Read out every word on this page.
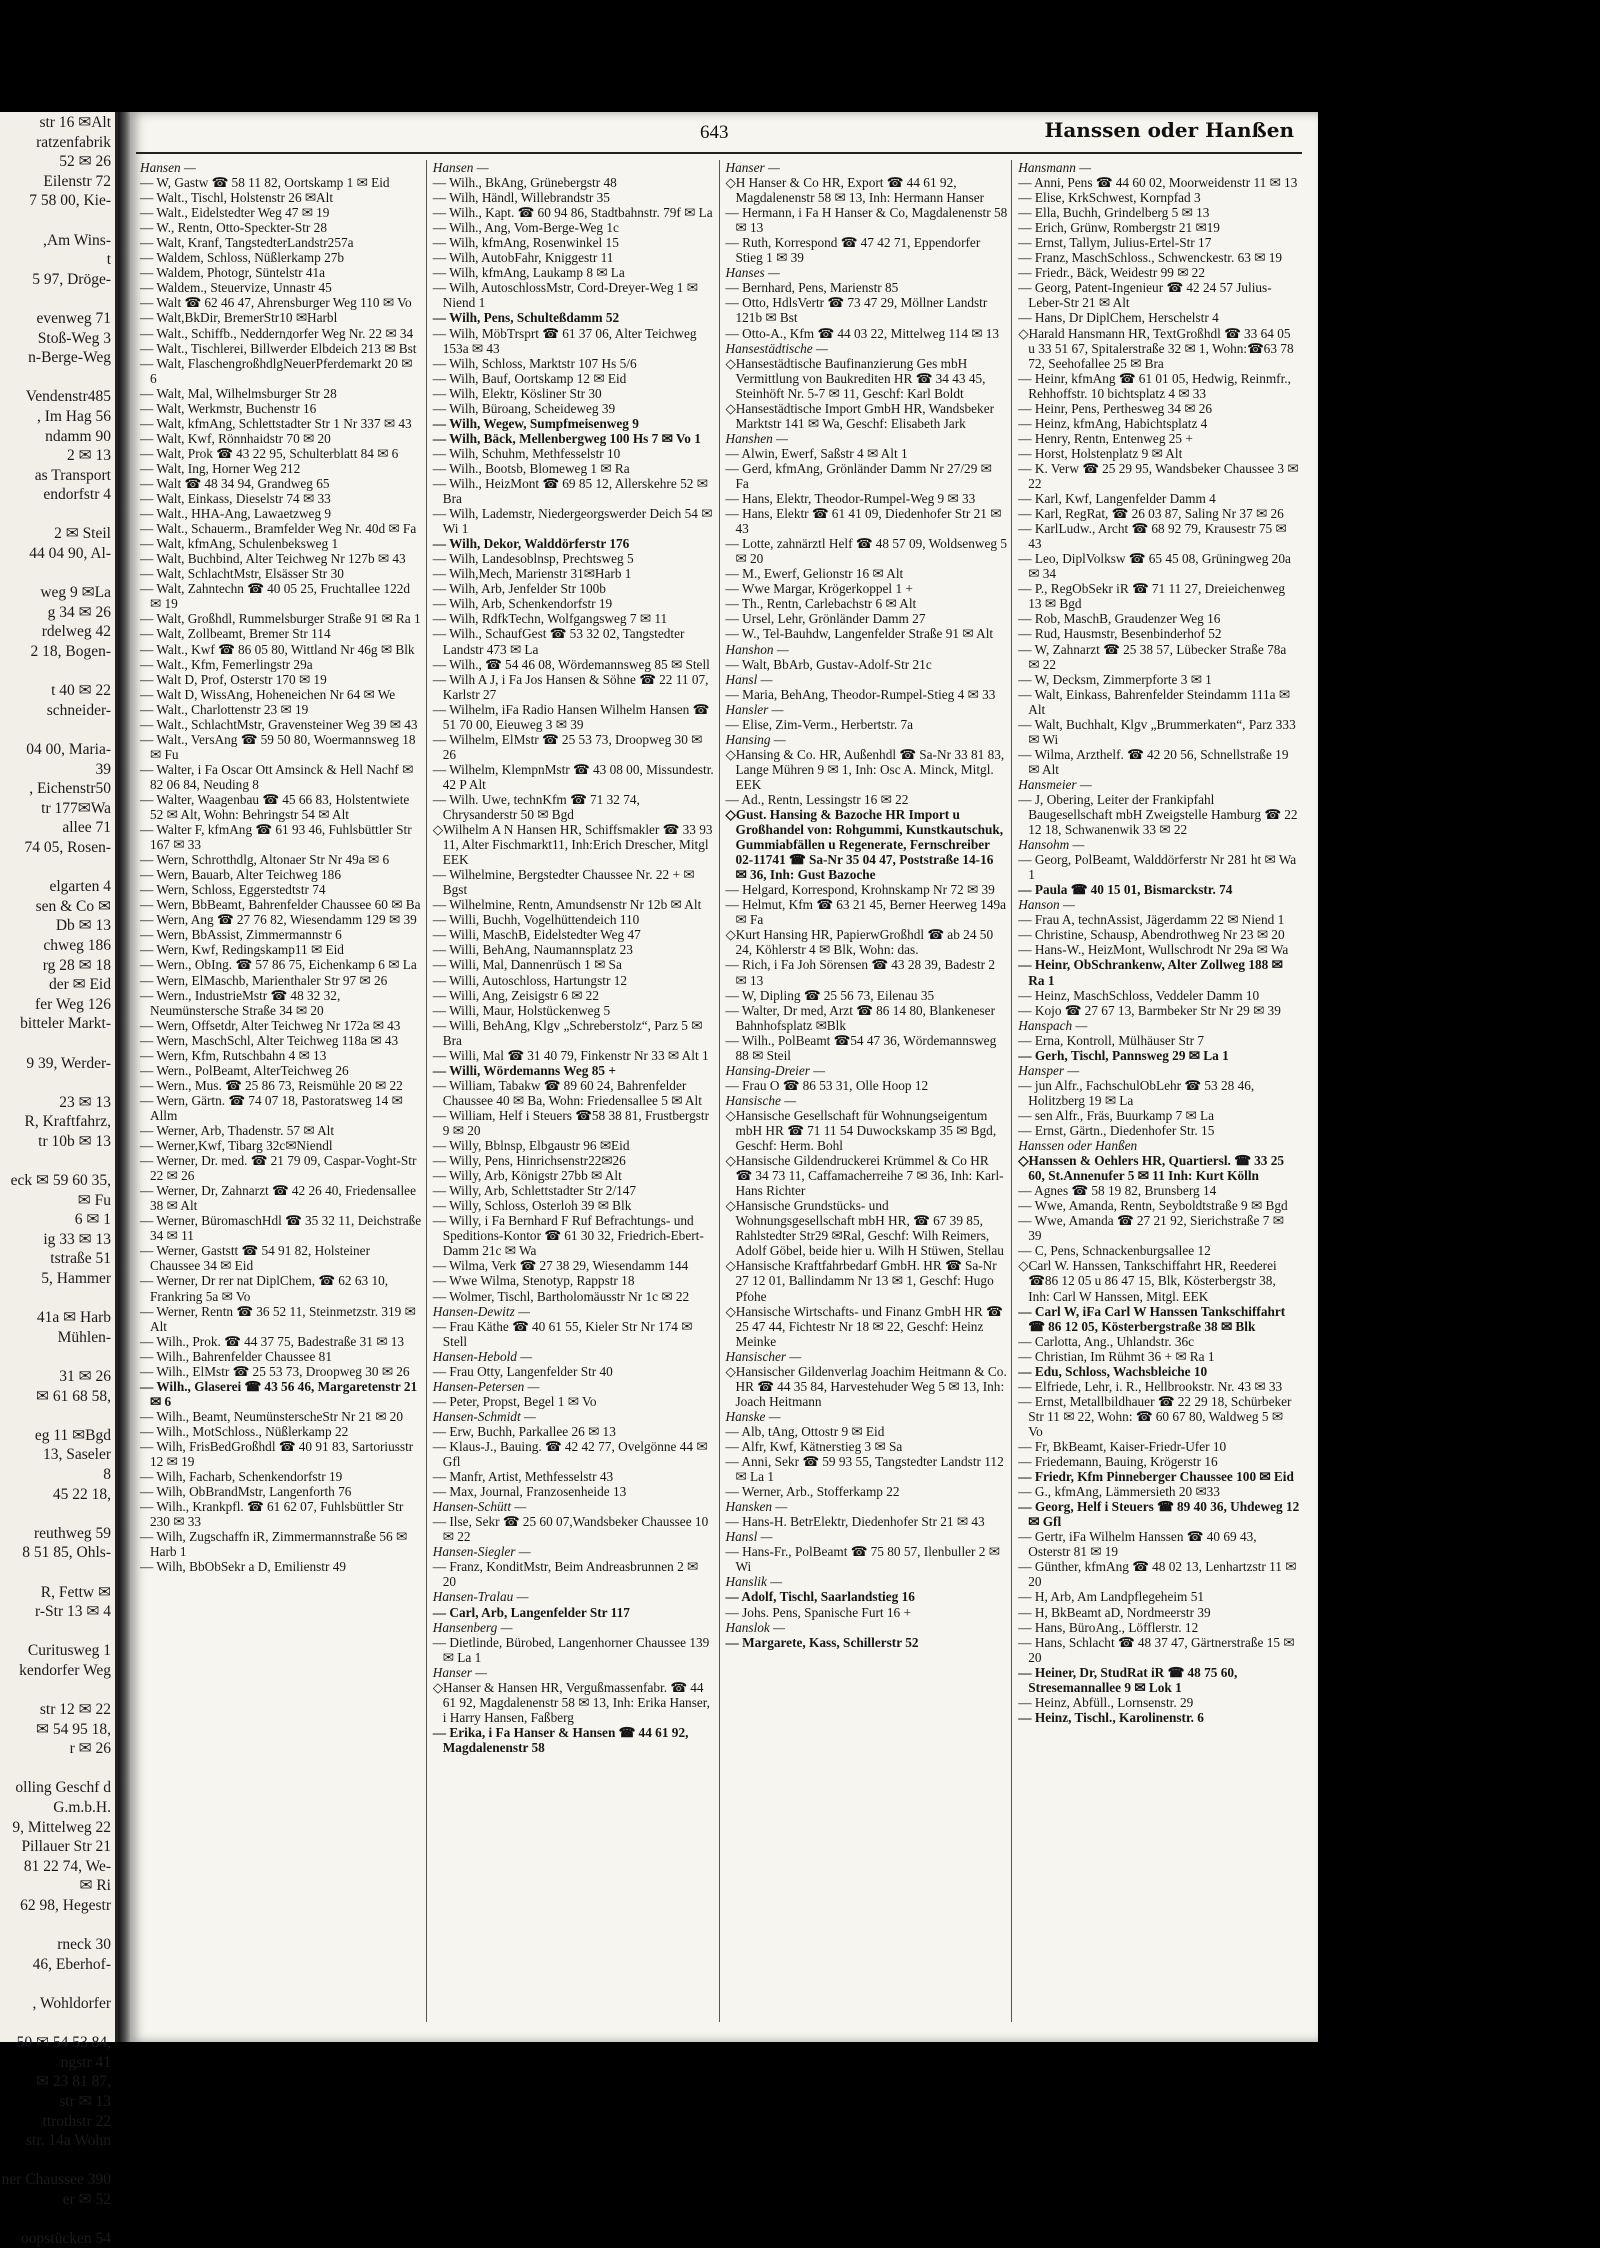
str 16 ✉Alt
ratzenfabrik
52 ✉ 26
Eilenstr 72
7 58 00, Kie-

,Am Wins-
t
5 97, Dröge-

evenweg 71
Stoß-Weg 3
n-Berge-Weg

Vendenstr485
, Im Hag 56
ndamm 90
2 ✉ 13
as Transport
endorfstr 4

2 ✉ Steil
44 04 90, Al-

weg 9 ✉La
g 34 ✉ 26
rdelweg 42
2 18, Bogen-

t 40 ✉ 22
schneider-

04 00, Maria-
39
, Eichenstr50
tr 177✉Wa
allee 71
74 05, Rosen-

elgarten 4
sen & Co ✉
Db ✉ 13
chweg 186
rg 28 ✉ 18
der ✉ Eid
fer Weg 126
bitteler Markt-

9 39, Werder-

23 ✉ 13
R, Kraftfahrz,
tr 10b ✉ 13

eck ✉ 59 60 35,
✉ Fu
6 ✉ 1
ig 33 ✉ 13
tstraße 51
5, Hammer

41a ✉ Harb
Mühlen-

31 ✉ 26
✉ 61 68 58,

eg 11 ✉Bgd
13, Saseler
8
45 22 18,

reuthweg 59
8 51 85, Ohls-

R, Fettw ✉
r-Str 13 ✉ 4

Curitusweg 1
kendorfer Weg

str 12 ✉ 22
✉ 54 95 18,
r ✉ 26

olling Geschf d
G.m.b.H.
9, Mittelweg 22
Pillauer Str 21
81 22 74, We-
✉ Ri
62 98, Hegestr

rneck 30
46, Eberhof-

, Wohldorfer

50 ✉ 54 53 84,
ngstr 41
✉ 23 81 87,
str ✉ 13
ttrothstr 22
str. 14a Wohn

ner Chaussee 390
er ✉ 52

oopstücken 54
643	Hanssen oder Hanßen

Hansen —

— W, Gastw ☎ 58 11 82, Oortskamp 1 ✉ Eid

— Walt., Tischl, Holstenstr 26 ✉Alt

— Walt., Eidelstedter Weg 47 ✉ 19

— W., Rentn, Otto-Speckter-Str 28

— Walt, Kranf, TangstedterLandstr257a

— Waldem, Schloss, Nüßlerkamp 27b

— Waldem, Photogr, Süntelstr 41a

— Waldem., Steuervize, Unnastr 45

— Walt ☎ 62 46 47, Ahrensburger Weg 110 ✉ Vo

— Walt,BkDir, BremerStr10 ✉Harbl

— Walt., Schiffb., Neddernдorfer Weg Nr. 22 ✉ 34

— Walt., Tischlerei, Billwerder Elbdeich 213 ✉ Bst

— Walt, FlaschengroßhdlgNeuerPferdemarkt 20 ✉ 6

— Walt, Mal, Wilhelmsburger Str 28

— Walt, Werkmstr, Buchenstr 16

— Walt, kfmAng, Schlettstadter Str 1 Nr 337 ✉ 43

— Walt, Kwf, Rönnhaidstr 70 ✉ 20

— Walt, Prok ☎ 43 22 95, Schulterblatt 84 ✉ 6

— Walt, Ing, Horner Weg 212

— Walt ☎ 48 34 94, Grandweg 65

— Walt, Einkass, Dieselstr 74 ✉ 33

— Walt., HHA-Ang, Lawaetzweg 9

— Walt., Schauerm., Bramfelder Weg Nr. 40d ✉ Fa

— Walt, kfmAng, Schulenbeksweg 1

— Walt, Buchbind, Alter Teichweg Nr 127b ✉ 43

— Walt, SchlachtMstr, Elsässer Str 30

— Walt, Zahntechn ☎ 40 05 25, Fruchtallee 122d ✉ 19

— Walt, Großhdl, Rummelsburger Straße 91 ✉ Ra 1

— Walt, Zollbeamt, Bremer Str 114

— Walt., Kwf ☎ 86 05 80, Wittland Nr 46g ✉ Blk

— Walt., Kfm, Femerlingstr 29a

— Walt D, Prof, Osterstr 170 ✉ 19

— Walt D, WissAng, Hoheneichen Nr 64 ✉ We

— Walt., Charlottenstr 23 ✉ 19

— Walt., SchlachtMstr, Gravensteiner Weg 39 ✉ 43

— Walt., VersAng ☎ 59 50 80, Woermannsweg 18 ✉ Fu

— Walter, i Fa Oscar Ott Amsinck & Hell Nachf ✉82 06 84, Neuding 8

— Walter, Waagenbau ☎ 45 66 83, Holstentwiete 52 ✉ Alt, Wohn: Behringstr 54 ✉ Alt

— Walter F, kfmAng ☎ 61 93 46, Fuhlsbüttler Str 167 ✉ 33

— Wern, Schrotthdlg, Altonaer Str Nr 49a ✉ 6

— Wern, Bauarb, Alter Teichweg 186

— Wern, Schloss, Eggerstedtstr 74

— Wern, BbBeamt, Bahrenfelder Chaussee 60 ✉ Ba

— Wern, Ang ☎ 27 76 82, Wiesendamm 129 ✉ 39

— Wern, BbAssist, Zimmermannstr 6

— Wern, Kwf, Redingskamp11 ✉ Eid

— Wern., ObIng. ☎ 57 86 75, Eichenkamp 6 ✉ La

— Wern, ElMaschb, Marienthaler Str 97 ✉ 26

— Wern., IndustrieMstr ☎ 48 32 32, Neumünstersche Straße 34 ✉ 20

— Wern, Offsetdr, Alter Teichweg Nr 172a ✉ 43

— Wern, MaschSchl, Alter Teichweg 118a ✉ 43

— Wern, Kfm, Rutschbahn 4 ✉ 13

— Wern., PolBeamt, AlterTeichweg 26

— Wern., Mus. ☎ 25 86 73, Reismühle 20 ✉ 22

— Wern, Gärtn. ☎ 74 07 18, Pastoratsweg 14 ✉ Allm

— Werner, Arb, Thadenstr. 57 ✉ Alt

— Werner,Kwf, Tibarg 32c✉Niendl

— Werner, Dr. med. ☎ 21 79 09, Caspar-Voght-Str 22 ✉ 26

— Werner, Dr, Zahnarzt ☎ 42 26 40, Friedensallee 38 ✉ Alt

— Werner, BüromaschHdl ☎ 35 32 11, Deichstraße 34 ✉ 11

— Werner, Gaststt ☎ 54 91 82, Holsteiner Chaussee 34 ✉ Eid

— Werner, Dr rer nat DiplChem, ☎ 62 63 10, Frankring 5a ✉ Vo

— Werner, Rentn ☎ 36 52 11, Steinmetzstr. 319 ✉ Alt

— Wilh., Prok. ☎ 44 37 75, Badestraße 31 ✉ 13

— Wilh., Bahrenfelder Chaussee 81

— Wilh., ElMstr ☎ 25 53 73, Droopweg 30 ✉ 26

— Wilh., Glaserei ☎ 43 56 46, Margaretenstr 21 ✉ 6

— Wilh., Beamt, NeumünsterscheStr Nr 21 ✉ 20

— Wilh., MotSchloss., Nüßlerkamp 22

— Wilh, FrisBedGroßhdl ☎ 40 91 83, Sartoriusstr 12 ✉ 19

— Wilh, Facharb, Schenkendorfstr 19

— Wilh, ObBrandMstr, Langenforth 76

— Wilh., Krankpfl. ☎ 61 62 07, Fuhlsbüttler Str 230 ✉ 33

— Wilh, Zugschaffn iR, Zimmermannstraße 56 ✉ Harb 1

— Wilh, BbObSekr a D, Emilienstr 49

Hansen —

— Wilh., BkAng, Grünebergstr 48

— Wilh, Händl, Willebrandstr 35

— Wilh., Kapt. ☎ 60 94 86, Stadtbahnstr. 79f ✉ La

— Wilh., Ang, Vom-Berge-Weg 1c

— Wilh, kfmAng, Rosenwinkel 15

— Wilh, AutobFahr, Kniggestr 11

— Wilh, kfmAng, Laukamp 8 ✉ La

— Wilh, AutoschlossMstr, Cord-Dreyer-Weg 1 ✉ Niend 1

— Wilh, Pens, Schulteßdamm 52

— Wilh, MöbTrsprt ☎ 61 37 06, Alter Teichweg 153a ✉ 43

— Wilh, Schloss, Marktstr 107 Hs 5/6

— Wilh, Bauf, Oortskamp 12 ✉ Eid

— Wilh, Elektr, Kösliner Str 30

— Wilh, Büroang, Scheideweg 39

— Wilh, Wegew, Sumpfmeisenweg 9

— Wilh, Bäck, Mellenbergweg 100 Hs 7 ✉ Vo 1

— Wilh, Schuhm, Methfesselstr 10

— Wilh., Bootsb, Blomeweg 1 ✉ Ra

— Wilh., HeizMont ☎ 69 85 12, Allerskehre 52 ✉ Bra

— Wilh, Lademstr, Niedergeorgswerder Deich 54 ✉ Wi 1

— Wilh, Dekor, Walddörferstr 176

— Wilh, Landesoblnsp, Prechtsweg 5

— Wilh,Mech, Marienstr 31✉Harb 1

— Wilh, Arb, Jenfelder Str 100b

— Wilh, Arb, Schenkendorfstr 19

— Wilh, RdfkTechn, Wolfgangsweg 7 ✉ 11

— Wilh., SchaufGest ☎ 53 32 02, Tangstedter Landstr 473 ✉ La

— Wilh., ☎ 54 46 08, Wördemannsweg 85 ✉ Stell

— Wilh A J, i Fa Jos Hansen & Söhne ☎ 22 11 07, Karlstr 27

— Wilhelm, iFa Radio Hansen Wilhelm Hansen ☎ 51 70 00, Eieuweg 3 ✉ 39

— Wilhelm, ElMstr ☎ 25 53 73, Droopweg 30 ✉ 26

— Wilhelm, KlempnMstr ☎ 43 08 00, Missundestr. 42 P Alt

— Wilh. Uwe, technKfm ☎ 71 32 74, Chrysanderstr 50 ✉ Bgd

◇ Wilhelm A N Hansen HR, Schiffsmakler ☎ 33 93 11, Alter Fischmarkt11, Inh:Erich Drescher, Mitgl EEK

— Wilhelmine, Bergstedter Chaussee Nr. 22 + ✉ Bgst

— Wilhelmine, Rentn, Amundsenstr Nr 12b ✉ Alt

— Willi, Buchh, Vogelhüttendeich 110

— Willi, MaschB, Eidelstedter Weg 47

— Willi, BehAng, Naumannsplatz 23

— Willi, Mal, Dannenrüsch 1 ✉ Sa

— Willi, Autoschloss, Hartungstr 12

— Willi, Ang, Zeisigstr 6 ✉ 22

— Willi, Maur, Holstückenweg 5

— Willi, BehAng, Klgv „Schreberstolz“, Parz 5 ✉ Bra

— Willi, Mal ☎ 31 40 79, Finkenstr Nr 33 ✉ Alt 1

— Willi, Wördemanns Weg 85 +

— William, Tabakw ☎ 89 60 24, Bahrenfelder Chaussee 40 ✉ Ba, Wohn: Friedensallee 5 ✉ Alt

— William, Helf i Steuers ☎58 38 81, Frustbergstr 9 ✉ 20

— Willy, Bblnsp, Elbgaustr 96 ✉Eid

— Willy, Pens, Hinrichsenstr22✉26

— Willy, Arb, Königstr 27bb ✉ Alt

— Willy, Arb, Schlettstadter Str 2/147

— Willy, Schloss, Osterloh 39 ✉ Blk

— Willy, i Fa Bernhard F Ruf Befrachtungs- und Speditions-Kontor ☎ 61 30 32, Friedrich-Ebert-Damm 21c ✉ Wa

— Wilma, Verk ☎ 27 38 29, Wiesendamm 144

— Wwe Wilma, Stenotyp, Rappstr 18

— Wolmer, Tischl, Bartholomäusstr Nr 1c ✉ 22

Hansen-Dewitz —

— Frau Käthe ☎ 40 61 55, Kieler Str Nr 174 ✉ Stell

Hansen-Hebold —

— Frau Otty, Langenfelder Str 40

Hansen-Petersen —

— Peter, Propst, Begel 1 ✉ Vo

Hansen-Schmidt —

— Erw, Buchh, Parkallee 26 ✉ 13

— Klaus-J., Bauing. ☎ 42 42 77, Ovelgönne 44 ✉ Gfl

— Manfr, Artist, Methfesselstr 43

— Max, Journal, Franzosenheide 13

Hansen-Schütt —

— Ilse, Sekr ☎ 25 60 07,Wandsbeker Chaussee 10 ✉ 22

Hansen-Siegler —

— Franz, KonditMstr, Beim Andreasbrunnen 2 ✉ 20

Hansen-Tralau —

— Carl, Arb, Langenfelder Str 117

Hansenberg —

— Dietlinde, Bürobed, Langenhorner Chaussee 139 ✉ La 1

Hanser —

◇ Hanser & Hansen HR, Vergußmassenfabr. ☎ 44 61 92, Magdalenenstr 58 ✉ 13, Inh: Erika Hanser, i Harry Hansen, Faßberg

— Erika, i Fa Hanser & Hansen ☎ 44 61 92, Magdalenenstr 58

Hanser —

◇ H Hanser & Co HR, Export ☎ 44 61 92, Magdalenenstr 58 ✉ 13, Inh: Hermann Hanser

— Hermann, i Fa H Hanser & Co, Magdalenenstr 58 ✉ 13

— Ruth, Korrespond ☎ 47 42 71, Eppendorfer Stieg 1 ✉ 39

Hanses —

— Bernhard, Pens, Marienstr 85

— Otto, HdlsVertr ☎ 73 47 29, Möllner Landstr 121b ✉ Bst

— Otto-A., Kfm ☎ 44 03 22, Mittelweg 114 ✉ 13

Hansestädtische —

◇ Hansestädtische Baufinanzierung Ges mbH Vermittlung von Baukrediten HR ☎ 34 43 45, Steinhöft Nr. 5-7 ✉ 11, Geschf: Karl Boldt

◇ Hansestädtische Import GmbH HR, Wandsbeker Marktstr 141 ✉ Wa, Geschf: Elisabeth Jark

Hanshen —

— Alwin, Ewerf, Saßstr 4 ✉ Alt 1

— Gerd, kfmAng, Grönländer Damm Nr 27/29 ✉ Fa

— Hans, Elektr, Theodor-Rumpel-Weg 9 ✉ 33

— Hans, Elektr ☎ 61 41 09, Diedenhofer Str 21 ✉ 43

— Lotte, zahnärztl Helf ☎ 48 57 09, Woldsenweg 5 ✉ 20

— M., Ewerf, Gelionstr 16 ✉ Alt

— Wwe Margar, Krögerkoppel 1 +

— Th., Rentn, Carlebachstr 6 ✉ Alt

— Ursel, Lehr, Grönländer Damm 27

— W., Tel-Bauhdw, Langenfelder Straße 91 ✉ Alt

Hanshon —

— Walt, BbArb, Gustav-Adolf-Str 21c

Hansl —

— Maria, BehAng, Theodor-Rumpel-Stieg 4 ✉ 33

Hansler —

— Elise, Zim-Verm., Herbertstr. 7a

Hansing —

◇ Hansing & Co. HR, Außenhdl ☎ Sa-Nr 33 81 83, Lange Mühren 9 ✉ 1, Inh: Osc A. Minck, Mitgl. EEK

— Ad., Rentn, Lessingstr 16 ✉ 22

◇ Gust. Hansing & Bazoche HR Import u Großhandel von: Rohgummi, Kunstkautschuk, Gummiabfällen u Regenerate, Fernschreiber 02-11741 ☎ Sa-Nr 35 04 47, Poststraße 14-16 ✉ 36, Inh: Gust Bazoche

— Helgard, Korrespond, Krohnskamp Nr 72 ✉ 39

— Helmut, Kfm ☎ 63 21 45, Berner Heerweg 149a ✉ Fa

◇ Kurt Hansing HR, PapierwGroßhdl ☎ ab 24 50 24, Köhlerstr 4 ✉ Blk, Wohn: das.

— Rich, i Fa Joh Sörensen ☎ 43 28 39, Badestr 2 ✉ 13

— W, Dipling ☎ 25 56 73, Eilenau 35

— Walter, Dr med, Arzt ☎ 86 14 80, Blankeneser Bahnhofsplatz ✉Blk

— Wilh., PolBeamt ☎54 47 36, Wördemannsweg 88 ✉ Steil

Hansing-Dreier —

— Frau O ☎ 86 53 31, Olle Hoop 12

Hansische —

◇ Hansische Gesellschaft für Wohnungseigentum mbH HR ☎ 71 11 54 Duwockskamp 35 ✉ Bgd, Geschf: Herm. Bohl

◇ Hansische Gildendruckerei Krümmel & Co HR ☎ 34 73 11, Caffamacherreihe 7 ✉ 36, Inh: Karl-Hans Richter

◇ Hansische Grundstücks- und Wohnungsgesellschaft mbH HR, ☎ 67 39 85, Rahlstedter Str29 ✉Ral, Geschf: Wilh Reimers, Adolf Göbel, beide hier u. Wilh H Stüwen, Stellau

◇ Hansische Kraftfahrbedarf GmbH. HR ☎ Sa-Nr 27 12 01, Ballindamm Nr 13 ✉ 1, Geschf: Hugo Pfohe

◇ Hansische Wirtschafts- und Finanz GmbH HR ☎ 25 47 44, Fichtestr Nr 18 ✉ 22, Geschf: Heinz Meinke

Hansischer —

◇ Hansischer Gildenverlag Joachim Heitmann & Co. HR ☎ 44 35 84, Harvestehuder Weg 5 ✉ 13, Inh: Joach Heitmann

Hanske —

— Alb, tAng, Ottostr 9 ✉ Eid

— Alfr, Kwf, Kätnerstieg 3 ✉ Sa

— Anni, Sekr ☎ 59 93 55, Tangstedter Landstr 112 ✉ La 1

— Werner, Arb., Stofferkamp 22

Hansken —

— Hans-H. BetrElektr, Diedenhofer Str 21 ✉ 43

Hansl —

— Hans-Fr., PolBeamt ☎ 75 80 57, Ilenbuller 2 ✉ Wi

Hanslik —

— Adolf, Tischl, Saarlandstieg 16

— Johs. Pens, Spanische Furt 16 +

Hanslok —

— Margarete, Kass, Schillerstr 52

Hansmann —

— Anni, Pens ☎ 44 60 02, Moorweidenstr 11 ✉ 13

— Elise, KrkSchwest, Kornpfad 3

— Ella, Buchh, Grindelberg 5 ✉ 13

— Erich, Grünw, Rombergstr 21 ✉19

— Ernst, Tallym, Julius-Ertel-Str 17

— Franz, MaschSchloss., Schwenckestr. 63 ✉ 19

— Friedr., Bäck, Weidestr 99 ✉ 22

— Georg, Patent-Ingenieur ☎ 42 24 57 Julius-Leber-Str 21 ✉ Alt

— Hans, Dr DiplChem, Herschelstr 4

◇ Harald Hansmann HR, TextGroßhdl ☎ 33 64 05 u 33 51 67, Spitalerstraße 32 ✉ 1, Wohn:☎63 78 72, Seehofallee 25 ✉ Bra

— Heinr, kfmAng ☎ 61 01 05, Hedwig, Reinmfr., Rehhoffstr. 10 bichtsplatz 4 ✉ 33

— Heinr, Pens, Perthesweg 34 ✉ 26

— Heinz, kfmAng, Habichtsplatz 4

— Henry, Rentn, Entenweg 25 +

— Horst, Holstenplatz 9 ✉ Alt

— K. Verw ☎ 25 29 95, Wandsbeker Chaussee 3 ✉ 22

— Karl, Kwf, Langenfelder Damm 4

— Karl, RegRat, ☎ 26 03 87, Saling Nr 37 ✉ 26

— KarlLudw., Archt ☎ 68 92 79, Krausestr 75 ✉ 43

— Leo, DiplVolksw ☎ 65 45 08, Grüningweg 20a ✉ 34

— P., RegObSekr iR ☎ 71 11 27, Dreieichenweg 13 ✉ Bgd

— Rob, MaschB, Graudenzer Weg 16

— Rud, Hausmstr, Besenbinderhof 52

— W, Zahnarzt ☎ 25 38 57, Lübecker Straße 78a ✉ 22

— W, Decksm, Zimmerpforte 3 ✉ 1

— Walt, Einkass, Bahrenfelder Steindamm 111a ✉ Alt

— Walt, Buchhalt, Klgv „Brummerkaten“, Parz 333 ✉ Wi

— Wilma, Arzthelf. ☎ 42 20 56, Schnellstraße 19 ✉ Alt

Hansmeier —

— J, Obering, Leiter der Frankipfahl Baugesellschaft mbH Zweigstelle Hamburg ☎ 22 12 18, Schwanenwik 33 ✉ 22

Hansohm —

— Georg, PolBeamt, Walddörferstr Nr 281 ht ✉ Wa 1

— Paula ☎ 40 15 01, Bismarckstr. 74

Hanson —

— Frau A, technAssist, Jägerdamm 22 ✉ Niend 1

— Christine, Schausp, Abendrothweg Nr 23 ✉ 20

— Hans-W., HeizMont, Wullschrodt Nr 29a ✉ Wa

— Heinr, ObSchrankenw, Alter Zollweg 188 ✉ Ra 1

— Heinz, MaschSchloss, Veddeler Damm 10

— Kojo ☎ 27 67 13, Barmbeker Str Nr 29 ✉ 39

Hanspach —

— Erna, Kontroll, Mülhäuser Str 7

— Gerh, Tischl, Pannsweg 29 ✉ La 1

Hansper —

— jun Alfr., FachschulObLehr ☎ 53 28 46, Holitzberg 19 ✉ La

— sen Alfr., Fräs, Buurkamp 7 ✉ La

— Ernst, Gärtn., Diedenhofer Str. 15

Hanssen oder Hanßen

◇ Hanssen & Oehlers HR, Quartiersl. ☎ 33 25 60, St.Annenufer 5 ✉ 11 Inh: Kurt Kölln

— Agnes ☎ 58 19 82, Brunsberg 14

— Wwe, Amanda, Rentn, Seyboldtstraße 9 ✉ Bgd

— Wwe, Amanda ☎ 27 21 92, Sierichstraße 7 ✉ 39

— C, Pens, Schnackenburgsallee 12

◇ Carl W. Hanssen, Tankschiffahrt HR, Reederei ☎86 12 05 u 86 47 15, Blk, Kösterbergstr 38, Inh: Carl W Hanssen, Mitgl. EEK

— Carl W, iFa Carl W Hanssen Tankschiffahrt ☎ 86 12 05, Kösterbergstraße 38 ✉ Blk

— Carlotta, Ang., Uhlandstr. 36c

— Christian, Im Rühmt 36 + ✉ Ra 1

— Edu, Schloss, Wachsbleiche 10

— Elfriede, Lehr, i. R., Hellbrookstr. Nr. 43 ✉ 33

— Ernst, Metallbildhauer ☎ 22 29 18, Schürbeker Str 11 ✉ 22, Wohn: ☎ 60 67 80, Waldweg 5 ✉ Vo

— Fr, BkBeamt, Kaiser-Friedr-Ufer 10

— Friedemann, Bauing, Krögerstr 16

— Friedr, Kfm Pinneberger Chaussee 100 ✉ Eid

— G., kfmAng, Lämmersieth 20 ✉33

— Georg, Helf i Steuers ☎ 89 40 36, Uhdeweg 12 ✉ Gfl

— Gertr, iFa Wilhelm Hanssen ☎ 40 69 43, Osterstr 81 ✉ 19

— Günther, kfmAng ☎ 48 02 13, Lenhartzstr 11 ✉ 20

— H, Arb, Am Landpflegeheim 51

— H, BkBeamt aD, Nordmeerstr 39

— Hans, BüroAng., Löfflerstr. 12

— Hans, Schlacht ☎ 48 37 47, Gärtnerstraße 15 ✉ 20

— Heiner, Dr, StudRat iR ☎ 48 75 60, Stresemannallee 9 ✉ Lok 1

— Heinz, Abfüll., Lornsenstr. 29

— Heinz, Tischl., Karolinenstr. 6
